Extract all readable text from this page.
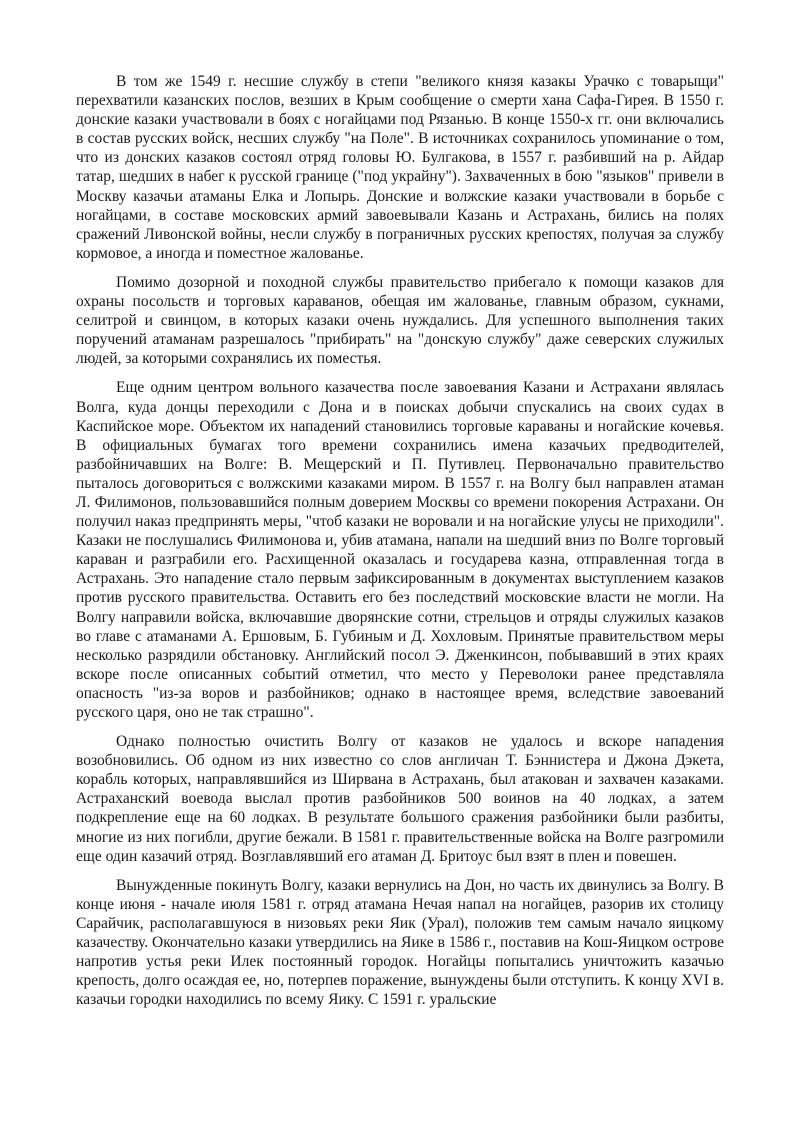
В том же 1549 г. несшие службу в степи "великого князя казакы Урачко с товарыщи" перехватили казанских послов, везших в Крым сообщение о смерти хана Сафа-Гирея. В 1550 г. донские казаки участвовали в боях с ногайцами под Рязанью. В конце 1550-х гг. они включались в состав русских войск, несших службу "на Поле". В источниках сохранилось упоминание о том, что из донских казаков состоял отряд головы Ю. Булгакова, в 1557 г. разбивший на р. Айдар татар, шедших в набег к русской границе ("под украйну"). Захваченных в бою "языков" привели в Москву казачьи атаманы Елка и Лопырь. Донские и волжские казаки участвовали в борьбе с ногайцами, в составе московских армий завоевывали Казань и Астрахань, бились на полях сражений Ливонской войны, несли службу в пограничных русских крепостях, получая за службу кормовое, а иногда и поместное жалованье.

Помимо дозорной и походной службы правительство прибегало к помощи казаков для охраны посольств и торговых караванов, обещая им жалованье, главным образом, сукнами, селитрой и свинцом, в которых казаки очень нуждались. Для успешного выполнения таких поручений атаманам разрешалось "прибирать" на "донскую службу" даже северских служилых людей, за которыми сохранялись их поместья.

Еще одним центром вольного казачества после завоевания Казани и Астрахани являлась Волга, куда донцы переходили с Дона и в поисках добычи спускались на своих судах в Каспийское море. Объектом их нападений становились торговые караваны и ногайские кочевья. В официальных бумагах того времени сохранились имена казачьих предводителей, разбойничавших на Волге: В. Мещерский и П. Путивлец. Первоначально правительство пыталось договориться с волжскими казаками миром. В 1557 г. на Волгу был направлен атаман Л. Филимонов, пользовавшийся полным доверием Москвы со времени покорения Астрахани. Он получил наказ предпринять меры, "чтоб казаки не воровали и на ногайские улусы не приходили". Казаки не послушались Филимонова и, убив атамана, напали на шедший вниз по Волге торговый караван и разграбили его. Расхищенной оказалась и государева казна, отправленная тогда в Астрахань. Это нападение стало первым зафиксированным в документах выступлением казаков против русского правительства. Оставить его без последствий московские власти не могли. На Волгу направили войска, включавшие дворянские сотни, стрельцов и отряды служилых казаков во главе с атаманами А. Ершовым, Б. Губиным и Д. Хохловым. Принятые правительством меры несколько разрядили обстановку. Английский посол Э. Дженкинсон, побывавший в этих краях вскоре после описанных событий отметил, что место у Переволоки ранее представляла опасность "из-за воров и разбойников; однако в настоящее время, вследствие завоеваний русского царя, оно не так страшно".

Однако полностью очистить Волгу от казаков не удалось и вскоре нападения возобновились. Об одном из них известно со слов англичан Т. Бэнниcтера и Джона Дэкета, корабль которых, направлявшийся из Ширвана в Астрахань, был атакован и захвачен казаками. Астраханский воевода выслал против разбойников 500 воинов на 40 лодках, а затем подкрепление еще на 60 лодках. В результате большого сражения разбойники были разбиты, многие из них погибли, другие бежали. В 1581 г. правительственные войска на Волге разгромили еще один казачий отряд. Возглавлявший его атаман Д. Бритоус был взят в плен и повешен.

Вынужденные покинуть Волгу, казаки вернулись на Дон, но часть их двинулись за Волгу. В конце июня - начале июля 1581 г. отряд атамана Нечая напал на ногайцев, разорив их столицу Сарайчик, располагавшуюся в низовьях реки Яик (Урал), положив тем самым начало яицкому казачеству. Окончательно казаки утвердились на Яике в 1586 г., поставив на Кош-Яицком острове напротив устья реки Илек постоянный городок. Ногайцы попытались уничтожить казачью крепость, долго осаждая ее, но, потерпев поражение, вынуждены были отступить. К концу XVI в. казачьи городки находились по всему Яику. С 1591 г. уральские
